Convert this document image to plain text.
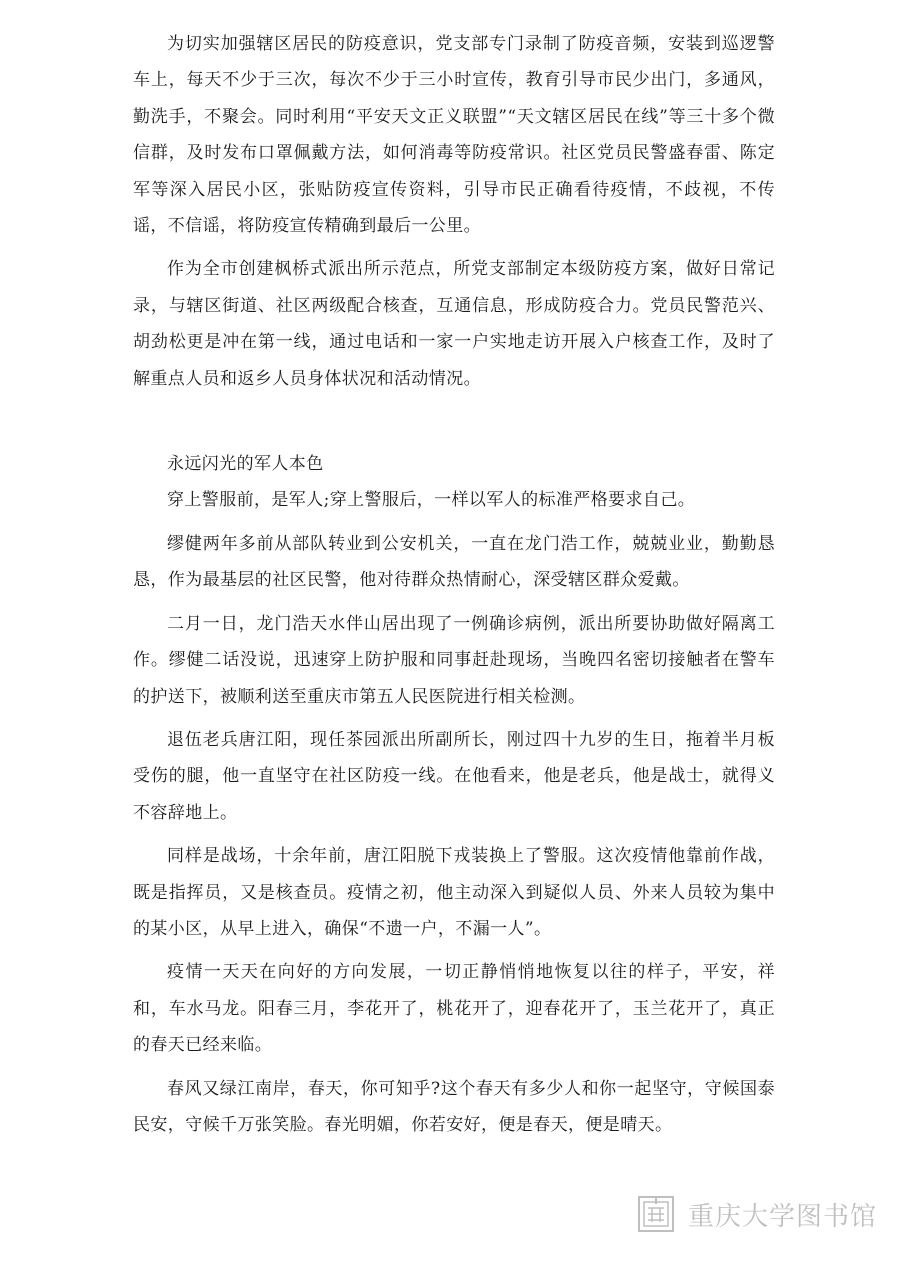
为切实加强辖区居民的防疫意识，党支部专门录制了防疫音频，安装到巡逻警车上，每天不少于三次，每次不少于三小时宣传，教育引导市民少出门，多通风，勤洗手，不聚会。同时利用“平安天文正义联盟”“天文辖区居民在线”等三十多个微信群，及时发布口罩佩戴方法，如何消毒等防疫常识。社区党员民警盛春雷、陈定军等深入居民小区，张贴防疫宣传资料，引导市民正确看待疫情，不歧视，不传谣，不信谣，将防疫宣传精确到最后一公里。

作为全市创建枫桥式派出所示范点，所党支部制定本级防疫方案，做好日常记录，与辖区街道、社区两级配合核查，互通信息，形成防疫合力。党员民警范兴、胡劲松更是冲在第一线，通过电话和一家一户实地走访开展入户核查工作，及时了解重点人员和返乡人员身体状况和活动情况。

永远闪光的军人本色

穿上警服前，是军人;穿上警服后，一样以军人的标准严格要求自己。

缪健两年多前从部队转业到公安机关，一直在龙门浩工作，兢兢业业，勤勤恳恳，作为最基层的社区民警，他对待群众热情耐心，深受辖区群众爱戴。

二月一日，龙门浩天水伴山居出现了一例确诊病例，派出所要协助做好隔离工作。缪健二话没说，迅速穿上防护服和同事赶赴现场，当晚四名密切接触者在警车的护送下，被顺利送至重庆市第五人民医院进行相关检测。

退伍老兵唐江阳，现任茶园派出所副所长，刚过四十九岁的生日，拖着半月板受伤的腿，他一直坚守在社区防疫一线。在他看来，他是老兵，他是战士，就得义不容辞地上。

同样是战场，十余年前，唐江阳脱下戎装换上了警服。这次疫情他靠前作战，既是指挥员，又是核查员。疫情之初，他主动深入到疑似人员、外来人员较为集中的某小区，从早上进入，确保“不遗一户，不漏一人”。

疫情一天天在向好的方向发展，一切正静悄悄地恢复以往的样子，平安，祥和，车水马龙。阳春三月，李花开了，桃花开了，迎春花开了，玉兰花开了，真正的春天已经来临。

春风又绿江南岸，春天，你可知乎?这个春天有多少人和你一起坚守，守候国泰民安，守候千万张笑脸。春光明媚，你若安好，便是春天，便是晴天。

重庆大学图书馆
